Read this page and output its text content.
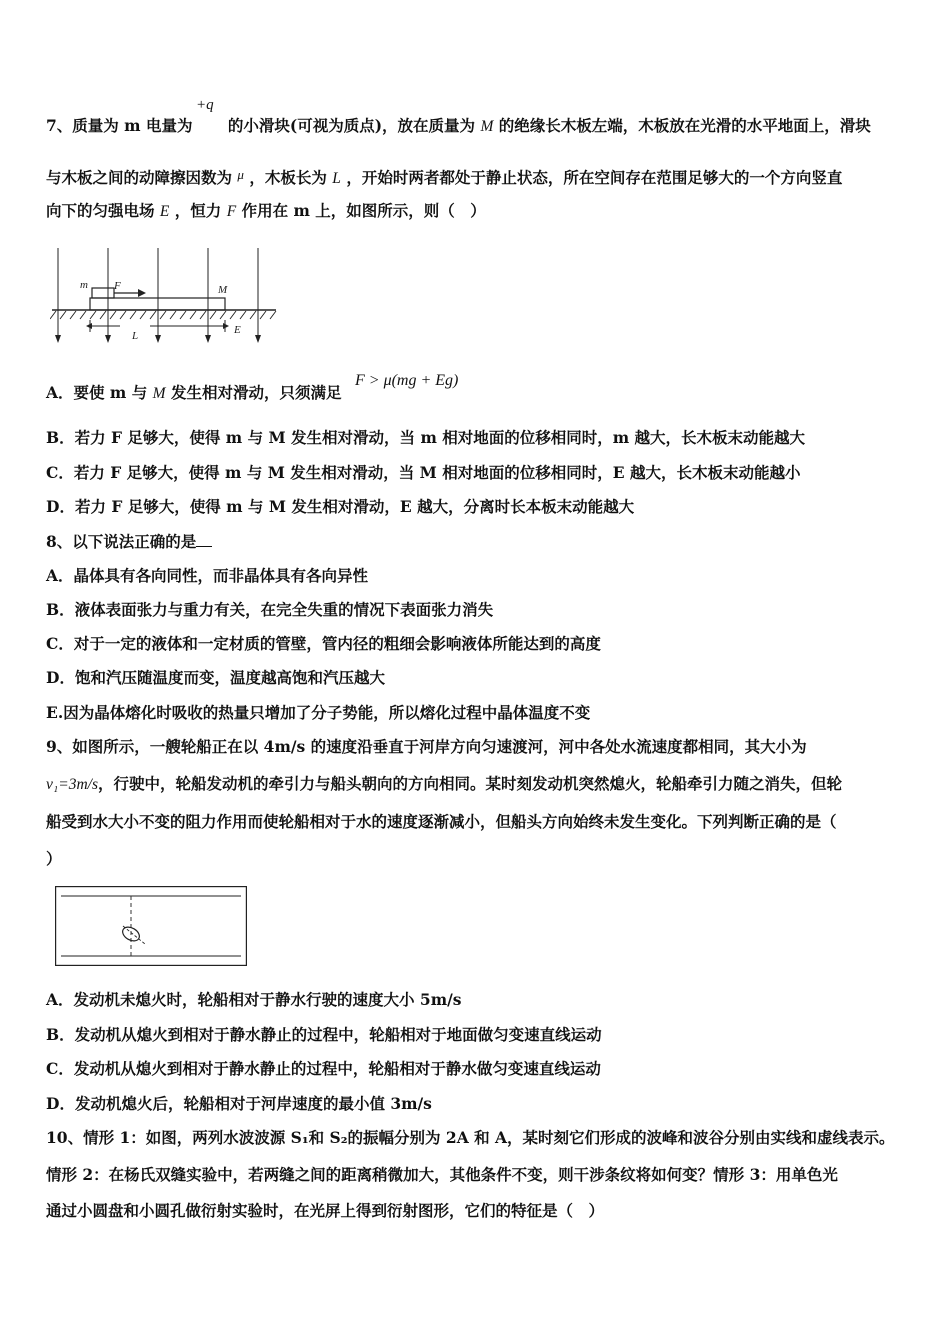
7、质量为 m 电量为 的小滑块(可视为质点)，放在质量为 M 的绝缘长木板左端，木板放在光滑的水平地面上，滑块
+q
与木板之间的动障擦因数为 $^\mu$ ，木板长为 L ，开始时两者都处于静止状态，所在空间存在范围足够大的一个方向竖直
向下的匀强电场 E ，恒力 F 作用在 m 上，如图所示，则（　）
m F	M
L	E
A．要使 m 与 M 发生相对滑动，只须满足
F > μ(mg + Eg)
B．若力 F 足够大，使得 m 与 M 发生相对滑动，当 m 相对地面的位移相同时，m 越大，长木板末动能越大
C．若力 F 足够大，使得 m 与 M 发生相对滑动，当 M 相对地面的位移相同时，E 越大，长木板末动能越小
D．若力 F 足够大，使得 m 与 M 发生相对滑动，E 越大，分离时长本板末动能越大
8、以下说法正确的是
A．晶体具有各向同性，而非晶体具有各向异性
B．液体表面张力与重力有关，在完全失重的情况下表面张力消失
C．对于一定的液体和一定材质的管壁，管内径的粗细会影响液体所能达到的高度
D．饱和汽压随温度而变，温度越高饱和汽压越大
E.因为晶体熔化时吸收的热量只增加了分子势能，所以熔化过程中晶体温度不变
9、如图所示，一艘轮船正在以 4m/s 的速度沿垂直于河岸方向匀速渡河，河中各处水流速度都相同，其大小为
v₁=3m/s，行驶中，轮船发动机的牵引力与船头朝向的方向相同。某时刻发动机突然熄火，轮船牵引力随之消失，但轮
船受到水大小不变的阻力作用而使轮船相对于水的速度逐渐减小，但船头方向始终未发生变化。下列判断正确的是（
）
A．发动机未熄火时，轮船相对于静水行驶的速度大小 5m/s
B．发动机从熄火到相对于静水静止的过程中，轮船相对于地面做匀变速直线运动
C．发动机从熄火到相对于静水静止的过程中，轮船相对于静水做匀变速直线运动
D．发动机熄火后，轮船相对于河岸速度的最小值 3m/s
10、情形 1：如图，两列水波波源 S₁和 S₂的振幅分别为 2A 和 A，某时刻它们形成的波峰和波谷分别由实线和虚线表示。
情形 2：在杨氏双缝实验中，若两缝之间的距离稍微加大，其他条件不变，则干涉条纹将如何变？情形 3：用单色光
通过小圆盘和小圆孔做衍射实验时，在光屏上得到衍射图形，它们的特征是（　）
